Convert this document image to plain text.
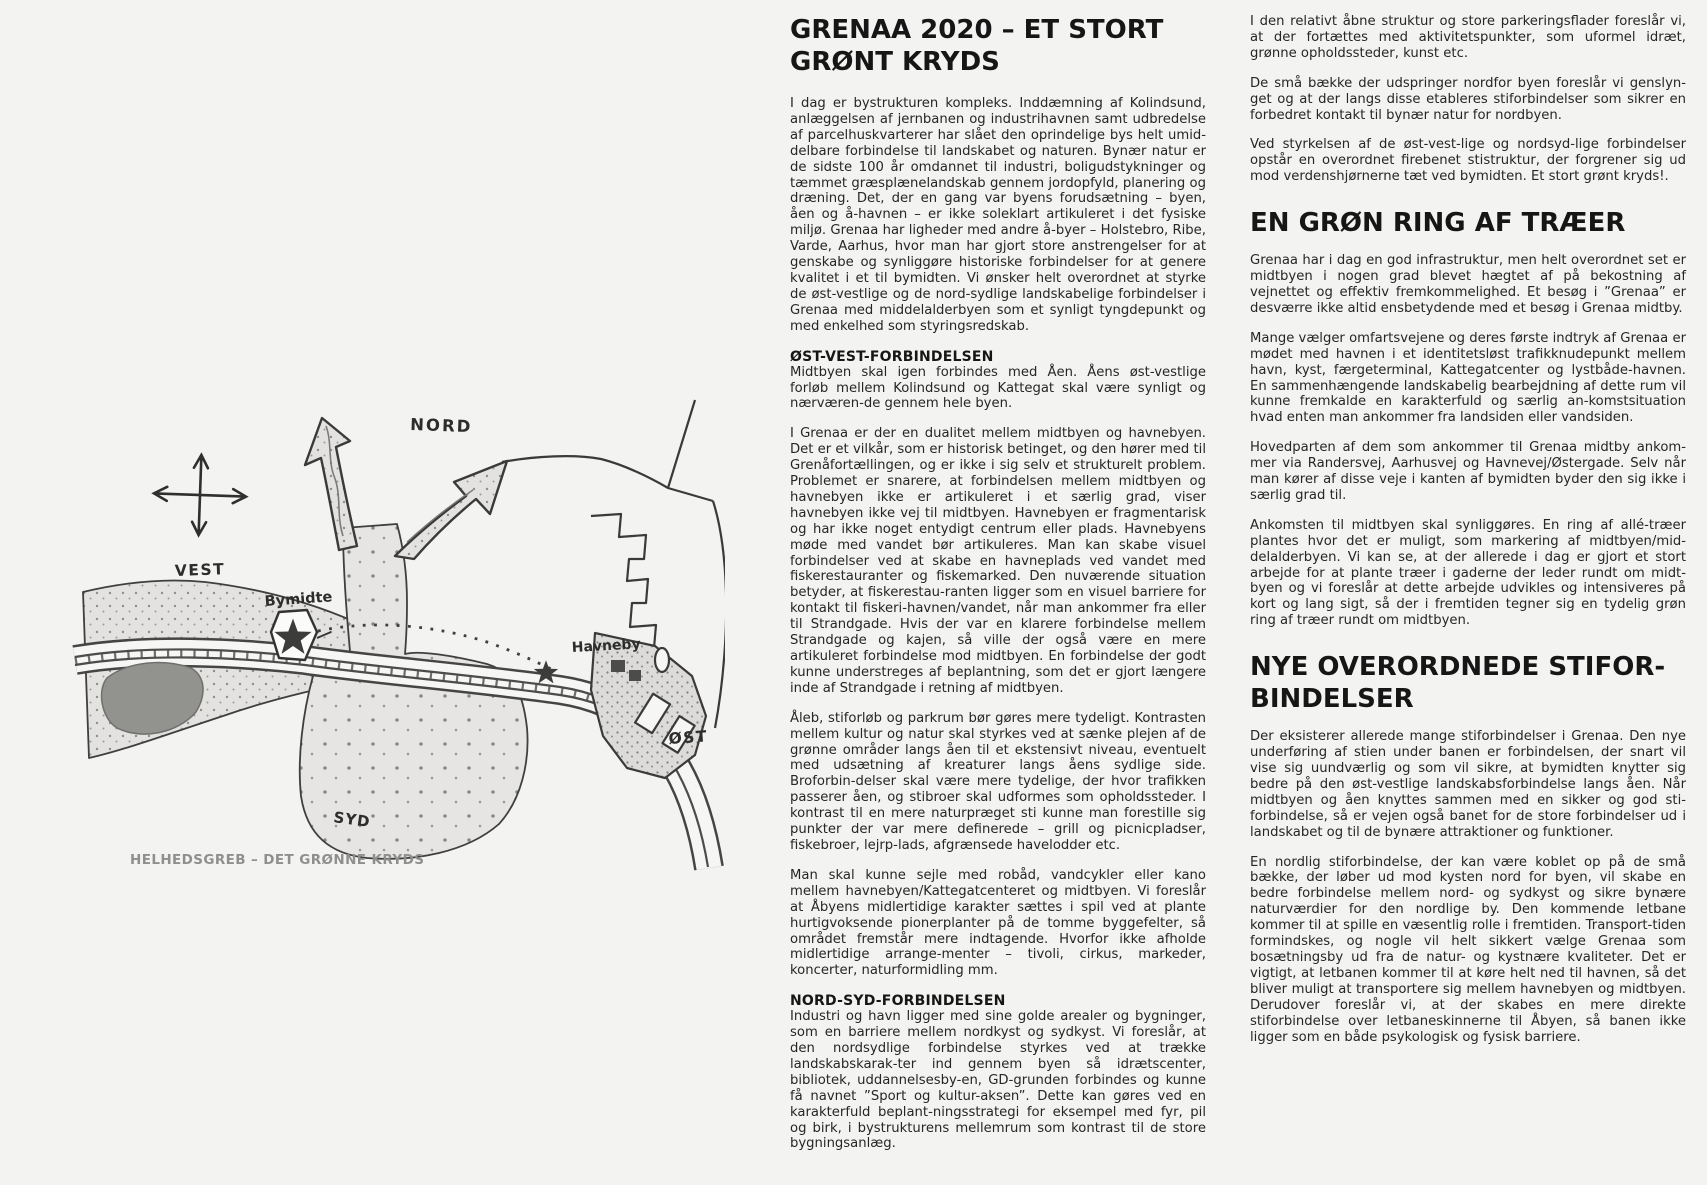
Bymidte
Havneby
NORD
VEST
SYD
ØST
HELHEDSGREB – DET GRØNNE KRYDS
GRENAA 2020 – ET STORT GRØNT KRYDS

I dag er bystrukturen kompleks. Inddæmning af Kolindsund, anlæggelsen af jernbanen og industrihavnen samt udbredelse af parcelhuskvarterer har slået den oprindelige bys helt umid-delbare forbindelse til landskabet og naturen. Bynær natur er de sidste 100 år omdannet til industri, boligudstykninger og tæmmet græsplænelandskab gennem jordopfyld, planering og dræning. Det, der en gang var byens forudsætning – byen, åen og å-havnen – er ikke soleklart artikuleret i det fysiske miljø. Grenaa har ligheder med andre å-byer – Holstebro, Ribe, Varde, Aarhus, hvor man har gjort store anstrengelser for at genskabe og synliggøre historiske forbindelser for at genere kvalitet i et til bymidten. Vi ønsker helt overordnet at styrke de øst-vestlige og de nord-sydlige landskabelige forbindelser i Grenaa med middelalderbyen som et synligt tyngdepunkt og med enkelhed som styringsredskab.

ØST-VEST-FORBINDELSEN

Midtbyen skal igen forbindes med Åen. Åens øst-vestlige forløb mellem Kolindsund og Kattegat skal være synligt og nærværen-de gennem hele byen.

I Grenaa er der en dualitet mellem midtbyen og havnebyen. Det er et vilkår, som er historisk betinget, og den hører med til Grenåfortællingen, og er ikke i sig selv et strukturelt problem. Problemet er snarere, at forbindelsen mellem midtbyen og havnebyen ikke er artikuleret i et særlig grad, viser havnebyen ikke vej til midtbyen. Havnebyen er fragmentarisk og har ikke noget entydigt centrum eller plads. Havnebyens møde med vandet bør artikuleres. Man kan skabe visuel forbindelser ved at skabe en havneplads ved vandet med fiskerestauranter og fiskemarked. Den nuværende situation betyder, at fiskerestau-ranten ligger som en visuel barriere for kontakt til fiskeri-havnen/vandet, når man ankommer fra eller til Strandgade. Hvis der var en klarere forbindelse mellem Strandgade og kajen, så ville der også være en mere artikuleret forbindelse mod midtbyen. En forbindelse der godt kunne understreges af beplantning, som det er gjort længere inde af Strandgade i retning af midtbyen.

Åleb, stiforløb og parkrum bør gøres mere tydeligt. Kontrasten mellem kultur og natur skal styrkes ved at sænke plejen af de grønne områder langs åen til et ekstensivt niveau, eventuelt med udsætning af kreaturer langs åens sydlige side. Broforbin-delser skal være mere tydelige, der hvor trafikken passerer åen, og stibroer skal udformes som opholdssteder. I kontrast til en mere naturpræget sti kunne man forestille sig punkter der var mere definerede – grill og picnicpladser, fiskebroer, lejrp-lads, afgrænsede havelodder etc.

Man skal kunne sejle med robåd, vandcykler eller kano mellem havnebyen/Kattegatcenteret og midtbyen. Vi foreslår at Åbyens midlertidige karakter sættes i spil ved at plante hurtigvoksende pionerplanter på de tomme byggefelter, så området fremstår mere indtagende. Hvorfor ikke afholde midlertidige arrange-menter – tivoli, cirkus, markeder, koncerter, naturformidling mm.

NORD-SYD-FORBINDELSEN

Industri og havn ligger med sine golde arealer og bygninger, som en barriere mellem nordkyst og sydkyst. Vi foreslår, at den nordsydlige forbindelse styrkes ved at trække landskabskarak-ter ind gennem byen så idrætscenter, bibliotek, uddannelsesby-en, GD-grunden forbindes og kunne få navnet ”Sport og kultur-aksen”. Dette kan gøres ved en karakterfuld beplant-ningsstrategi for eksempel med fyr, pil og birk, i bystrukturens mellemrum som kontrast til de store bygningsanlæg.

I den relativt åbne struktur og store parkeringsflader foreslår vi, at der fortættes med aktivitetspunkter, som uformel idræt, grønne opholdssteder, kunst etc.

De små bække der udspringer nordfor byen foreslår vi genslyn-get og at der langs disse etableres stiforbindelser som sikrer en forbedret kontakt til bynær natur for nordbyen.

Ved styrkelsen af de øst-vest-lige og nordsyd-lige forbindelser opstår en overordnet firebenet stistruktur, der forgrener sig ud mod verdenshjørnerne tæt ved bymidten. Et stort grønt kryds!.

EN GRØN RING AF TRÆER

Grenaa har i dag en god infrastruktur, men helt overordnet set er midtbyen i nogen grad blevet hægtet af på bekostning af vejnettet og effektiv fremkommelighed. Et besøg i ”Grenaa” er desværre ikke altid ensbetydende med et besøg i Grenaa midtby.

Mange vælger omfartsvejene og deres første indtryk af Grenaa er mødet med havnen i et identitetsløst trafikknudepunkt mellem havn, kyst, færgeterminal, Kattegatcenter og lystbåde-havnen. En sammenhængende landskabelig bearbejdning af dette rum vil kunne fremkalde en karakterfuld og særlig an-komstsituation hvad enten man ankommer fra landsiden eller vandsiden.

Hovedparten af dem som ankommer til Grenaa midtby ankom-mer via Randersvej, Aarhusvej og Havnevej/Østergade. Selv når man kører af disse veje i kanten af bymidten byder den sig ikke i særlig grad til.

Ankomsten til midtbyen skal synliggøres. En ring af allé-træer plantes hvor det er muligt, som markering af midtbyen/mid-delalderbyen. Vi kan se, at der allerede i dag er gjort et stort arbejde for at plante træer i gaderne der leder rundt om midt-byen og vi foreslår at dette arbejde udvikles og intensiveres på kort og lang sigt, så der i fremtiden tegner sig en tydelig grøn ring af træer rundt om midtbyen.

NYE OVERORDNEDE STIFOR-BINDELSER

Der eksisterer allerede mange stiforbindelser i Grenaa. Den nye underføring af stien under banen er forbindelsen, der snart vil vise sig uundværlig og som vil sikre, at bymidten knytter sig bedre på den øst-vestlige landskabsforbindelse langs åen. Når midtbyen og åen knyttes sammen med en sikker og god sti-forbindelse, så er vejen også banet for de store forbindelser ud i landskabet og til de bynære attraktioner og funktioner.

En nordlig stiforbindelse, der kan være koblet op på de små bække, der løber ud mod kysten nord for byen, vil skabe en bedre forbindelse mellem nord- og sydkyst og sikre bynære naturværdier for den nordlige by. Den kommende letbane kommer til at spille en væsentlig rolle i fremtiden. Transport-tiden formindskes, og nogle vil helt sikkert vælge Grenaa som bosætningsby ud fra de natur- og kystnære kvaliteter. Det er vigtigt, at letbanen kommer til at køre helt ned til havnen, så det bliver muligt at transportere sig mellem havnebyen og midtbyen. Derudover foreslår vi, at der skabes en mere direkte stiforbindelse over letbaneskinnerne til Åbyen, så banen ikke ligger som en både psykologisk og fysisk barriere.
